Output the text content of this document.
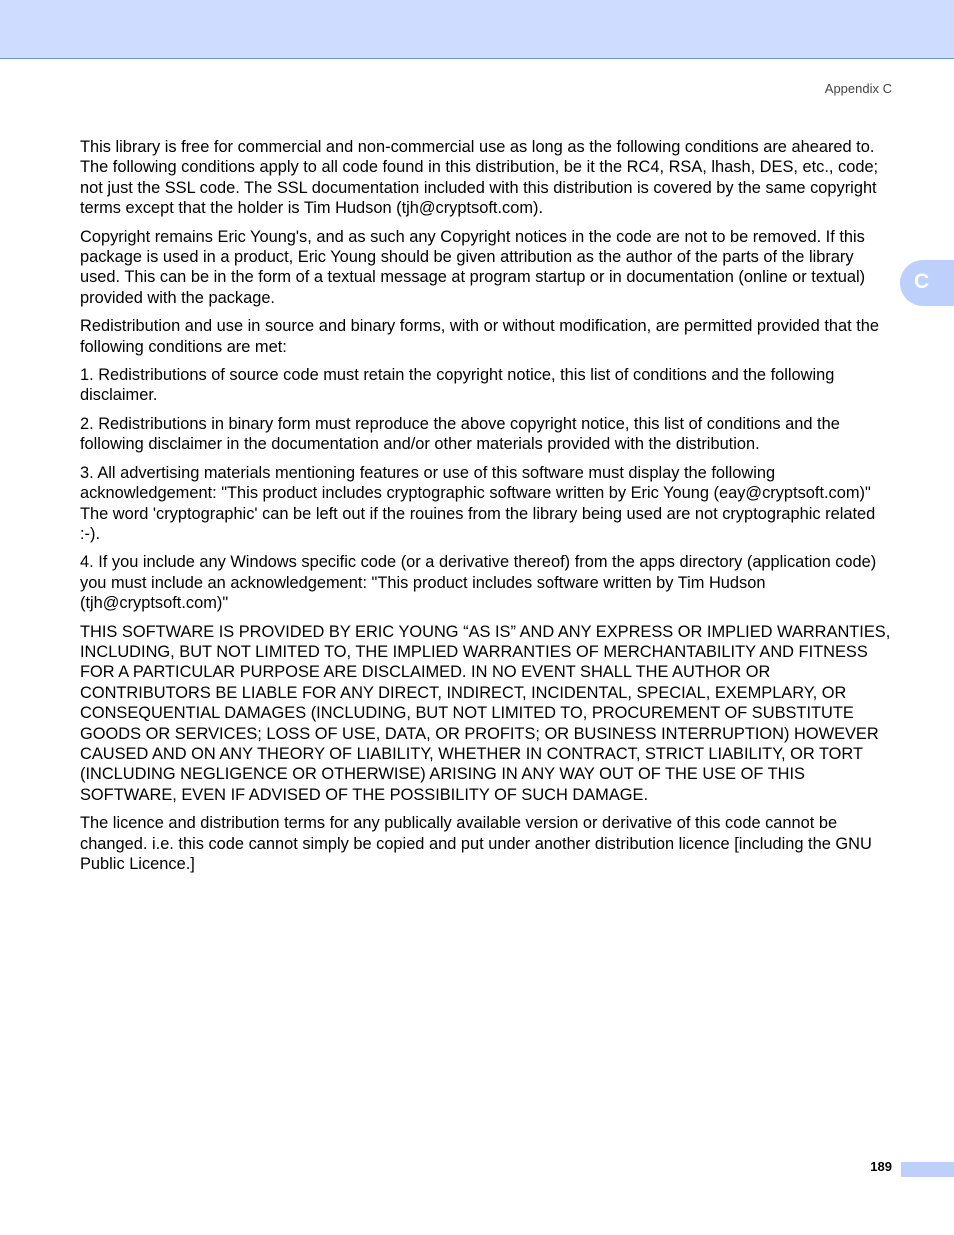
Appendix C
C

This library is free for commercial and non-commercial use as long as the following conditions are aheared to. The following conditions apply to all code found in this distribution, be it the RC4, RSA, lhash, DES, etc., code; not just the SSL code. The SSL documentation included with this distribution is covered by the same copyright terms except that the holder is Tim Hudson (tjh@cryptsoft.com).

Copyright remains Eric Young's, and as such any Copyright notices in the code are not to be removed. If this package is used in a product, Eric Young should be given attribution as the author of the parts of the library used. This can be in the form of a textual message at program startup or in documentation (online or textual) provided with the package.

Redistribution and use in source and binary forms, with or without modification, are permitted provided that the following conditions are met:

1. Redistributions of source code must retain the copyright notice, this list of conditions and the following disclaimer.

2. Redistributions in binary form must reproduce the above copyright notice, this list of conditions and the following disclaimer in the documentation and/or other materials provided with the distribution.

3. All advertising materials mentioning features or use of this software must display the following acknowledgement: "This product includes cryptographic software written by Eric Young (eay@cryptsoft.com)" The word 'cryptographic' can be left out if the rouines from the library being used are not cryptographic related :-).

4. If you include any Windows specific code (or a derivative thereof) from the apps directory (application code) you must include an acknowledgement: "This product includes software written by Tim Hudson (tjh@cryptsoft.com)"

THIS SOFTWARE IS PROVIDED BY ERIC YOUNG “AS IS” AND ANY EXPRESS OR IMPLIED WARRANTIES, INCLUDING, BUT NOT LIMITED TO, THE IMPLIED WARRANTIES OF MERCHANTABILITY AND FITNESS FOR A PARTICULAR PURPOSE ARE DISCLAIMED. IN NO EVENT SHALL THE AUTHOR OR CONTRIBUTORS BE LIABLE FOR ANY DIRECT, INDIRECT, INCIDENTAL, SPECIAL, EXEMPLARY, OR CONSEQUENTIAL DAMAGES (INCLUDING, BUT NOT LIMITED TO, PROCUREMENT OF SUBSTITUTE GOODS OR SERVICES; LOSS OF USE, DATA, OR PROFITS; OR BUSINESS INTERRUPTION) HOWEVER CAUSED AND ON ANY THEORY OF LIABILITY, WHETHER IN CONTRACT, STRICT LIABILITY, OR TORT (INCLUDING NEGLIGENCE OR OTHERWISE) ARISING IN ANY WAY OUT OF THE USE OF THIS SOFTWARE, EVEN IF ADVISED OF THE POSSIBILITY OF SUCH DAMAGE.

The licence and distribution terms for any publically available version or derivative of this code cannot be changed. i.e. this code cannot simply be copied and put under another distribution licence [including the GNU Public Licence.]

189
